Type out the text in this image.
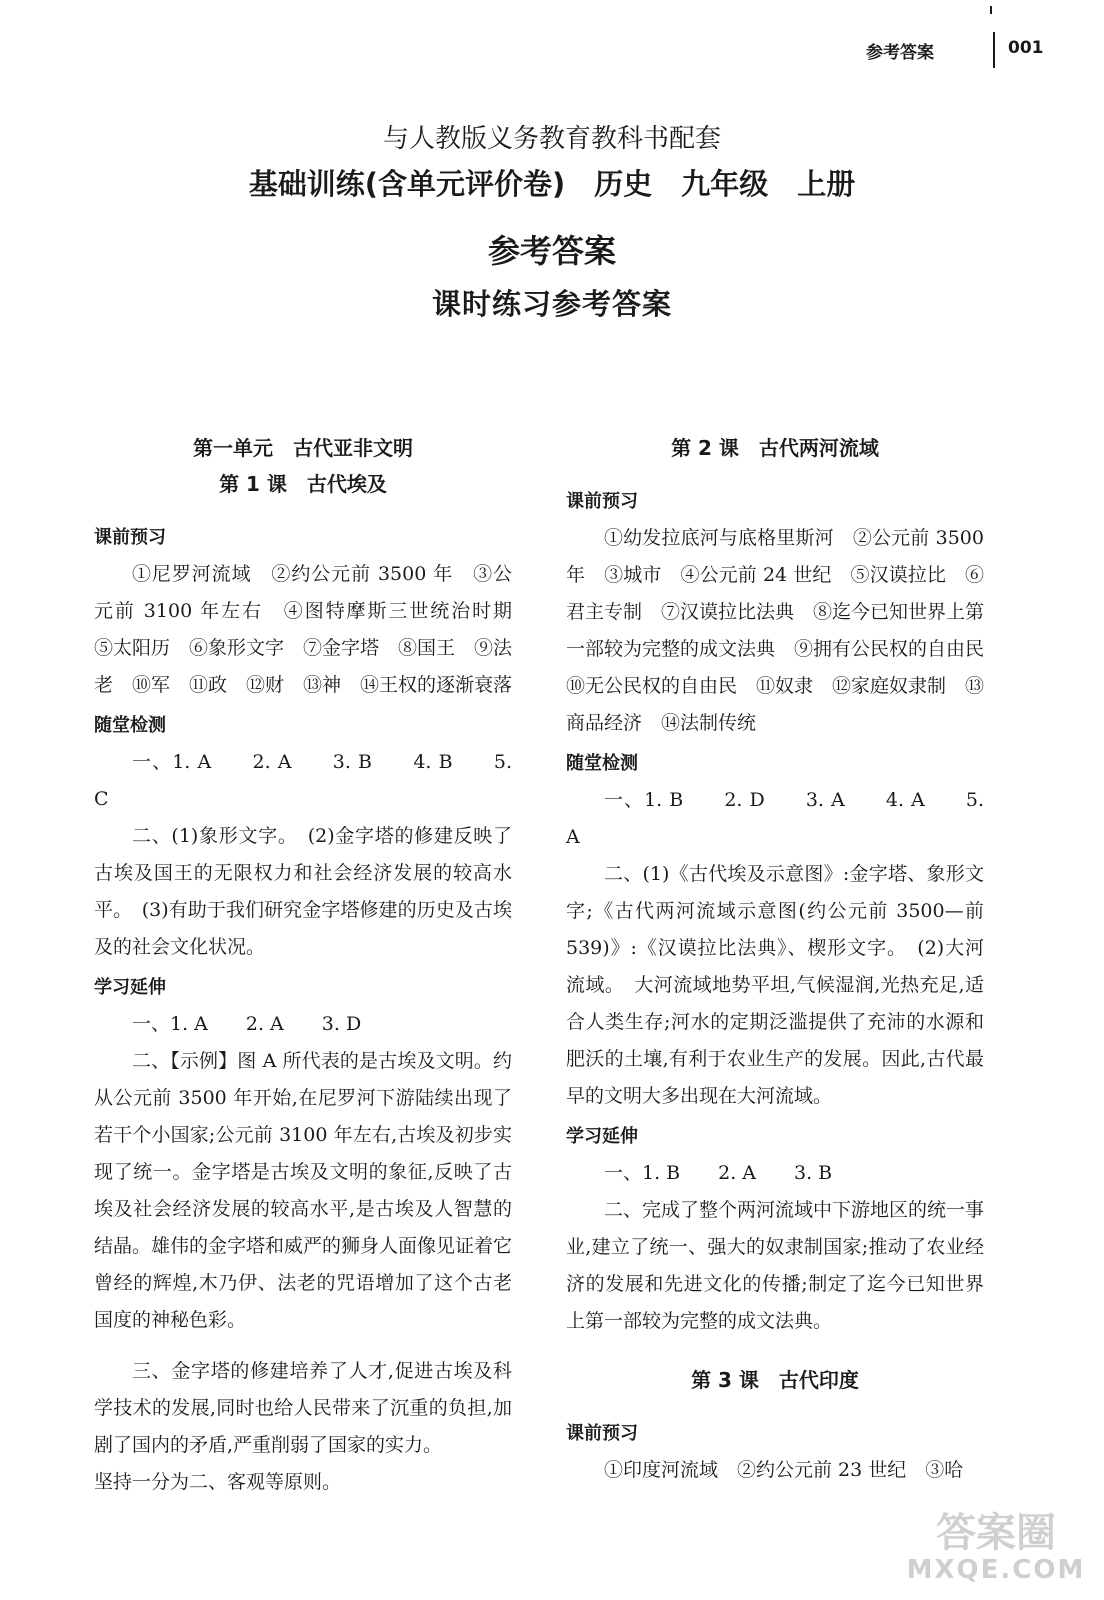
参考答案	001
与人教版义务教育教科书配套
基础训练(含单元评价卷)  历史  九年级  上册
参考答案
课时练习参考答案
第一单元　古代亚非文明
第 1 课　古代埃及
课前预习

①尼罗河流域　②约公元前 3500 年　③公元前 3100 年左右　④图特摩斯三世统治时期　⑤太阳历　⑥象形文字　⑦金字塔　⑧国王　⑨法老　⑩军　⑪政　⑫财　⑬神　⑭王权的逐渐衰落

随堂检测

一、1. A　　2. A　　3. B　　4. B　　5. C

二、(1)象形文字。　(2)金字塔的修建反映了古埃及国王的无限权力和社会经济发展的较高水平。　(3)有助于我们研究金字塔修建的历史及古埃及的社会文化状况。

学习延伸

一、1. A　　2. A　　3. D

二、【示例】图 A 所代表的是古埃及文明。约从公元前 3500 年开始,在尼罗河下游陆续出现了若干个小国家;公元前 3100 年左右,古埃及初步实现了统一。金字塔是古埃及文明的象征,反映了古埃及社会经济发展的较高水平,是古埃及人智慧的结晶。雄伟的金字塔和威严的狮身人面像见证着它曾经的辉煌,木乃伊、法老的咒语增加了这个古老国度的神秘色彩。

三、金字塔的修建培养了人才,促进古埃及科学技术的发展,同时也给人民带来了沉重的负担,加剧了国内的矛盾,严重削弱了国家的实力。

坚持一分为二、客观等原则。

第 2 课　古代两河流域
课前预习

①幼发拉底河与底格里斯河　②公元前 3500 年　③城市　④公元前 24 世纪　⑤汉谟拉比　⑥君主专制　⑦汉谟拉比法典　⑧迄今已知世界上第一部较为完整的成文法典　⑨拥有公民权的自由民　⑩无公民权的自由民　⑪奴隶　⑫家庭奴隶制　⑬商品经济　⑭法制传统

随堂检测

一、1. B　　2. D　　3. A　　4. A　　5. A

二、(1)《古代埃及示意图》:金字塔、象形文字;《古代两河流域示意图(约公元前 3500—前 539)》:《汉谟拉比法典》、楔形文字。　(2)大河流域。　大河流域地势平坦,气候湿润,光热充足,适合人类生存;河水的定期泛滥提供了充沛的水源和肥沃的土壤,有利于农业生产的发展。因此,古代最早的文明大多出现在大河流域。

学习延伸

一、1. B　　2. A　　3. B

二、完成了整个两河流域中下游地区的统一事业,建立了统一、强大的奴隶制国家;推动了农业经济的发展和先进文化的传播;制定了迄今已知世界上第一部较为完整的成文法典。

第 3 课　古代印度
课前预习

①印度河流域　②约公元前 23 世纪　③哈

答案圈
MXQE.COM
